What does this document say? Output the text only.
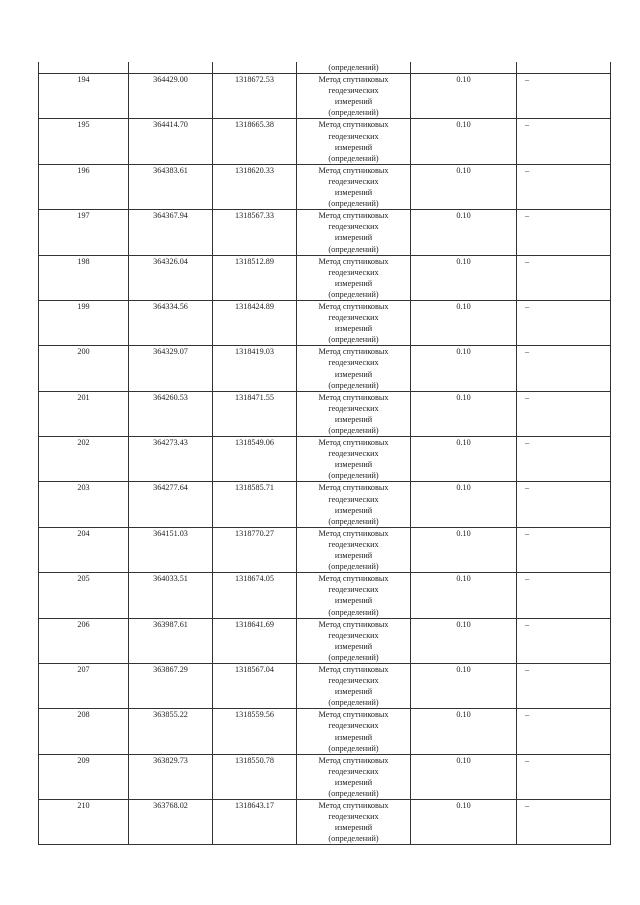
			(определений)		
194	364429.00	1318672.53	Метод спутниковых
геодезических
измерений
(определений)	0.10	–
195	364414.70	1318665.38	Метод спутниковых
геодезических
измерений
(определений)	0.10	–
196	364383.61	1318620.33	Метод спутниковых
геодезических
измерений
(определений)	0.10	–
197	364367.94	1318567.33	Метод спутниковых
геодезических
измерений
(определений)	0.10	–
198	364326.04	1318512.89	Метод спутниковых
геодезических
измерений
(определений)	0.10	–
199	364334.56	1318424.89	Метод спутниковых
геодезических
измерений
(определений)	0.10	–
200	364329.07	1318419.03	Метод спутниковых
геодезических
измерений
(определений)	0.10	–
201	364260.53	1318471.55	Метод спутниковых
геодезических
измерений
(определений)	0.10	–
202	364273.43	1318549.06	Метод спутниковых
геодезических
измерений
(определений)	0.10	–
203	364277.64	1318585.71	Метод спутниковых
геодезических
измерений
(определений)	0.10	–
204	364151.03	1318770.27	Метод спутниковых
геодезических
измерений
(определений)	0.10	–
205	364033.51	1318674.05	Метод спутниковых
геодезических
измерений
(определений)	0.10	–
206	363987.61	1318641.69	Метод спутниковых
геодезических
измерений
(определений)	0.10	–
207	363867.29	1318567.04	Метод спутниковых
геодезических
измерений
(определений)	0.10	–
208	363855.22	1318559.56	Метод спутниковых
геодезических
измерений
(определений)	0.10	–
209	363829.73	1318550.78	Метод спутниковых
геодезических
измерений
(определений)	0.10	–
210	363768.02	1318643.17	Метод спутниковых
геодезических
измерений
(определений)	0.10	–
